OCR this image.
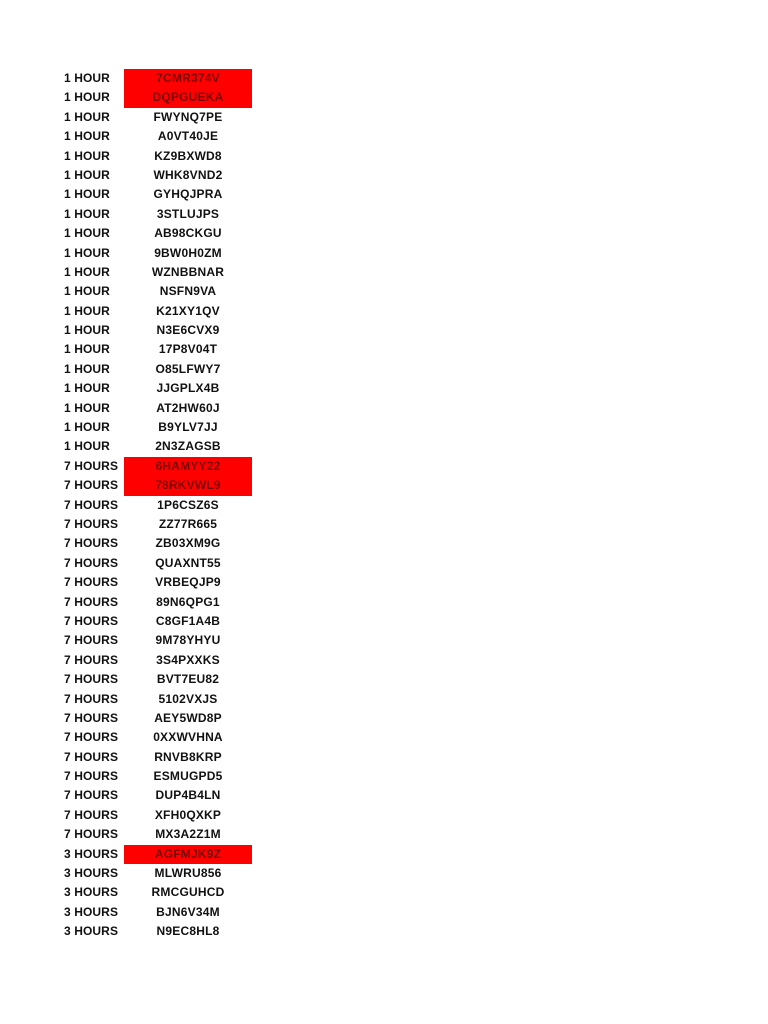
1 HOUR	7CMR374V
1 HOUR	DQPGUEKA
1 HOUR	FWYNQ7PE
1 HOUR	A0VT40JE
1 HOUR	KZ9BXWD8
1 HOUR	WHK8VND2
1 HOUR	GYHQJPRA
1 HOUR	3STLUJPS
1 HOUR	AB98CKGU
1 HOUR	9BW0H0ZM
1 HOUR	WZNBBNAR
1 HOUR	NSFN9VA
1 HOUR	K21XY1QV
1 HOUR	N3E6CVX9
1 HOUR	17P8V04T
1 HOUR	O85LFWY7
1 HOUR	JJGPLX4B
1 HOUR	AT2HW60J
1 HOUR	B9YLV7JJ
1 HOUR	2N3ZAGSB
7 HOURS	6HAMYY22
7 HOURS	78RKVWL9
7 HOURS	1P6CSZ6S
7 HOURS	ZZ77R665
7 HOURS	ZB03XM9G
7 HOURS	QUAXNT55
7 HOURS	VRBEQJP9
7 HOURS	89N6QPG1
7 HOURS	C8GF1A4B
7 HOURS	9M78YHYU
7 HOURS	3S4PXXKS
7 HOURS	BVT7EU82
7 HOURS	5102VXJS
7 HOURS	AEY5WD8P
7 HOURS	0XXWVHNA
7 HOURS	RNVB8KRP
7 HOURS	ESMUGPD5
7 HOURS	DUP4B4LN
7 HOURS	XFH0QXKP
7 HOURS	MX3A2Z1M
3 HOURS	AGFMJK9Z
3 HOURS	MLWRU856
3 HOURS	RMCGUHCD
3 HOURS	BJN6V34M
3 HOURS	N9EC8HL8
